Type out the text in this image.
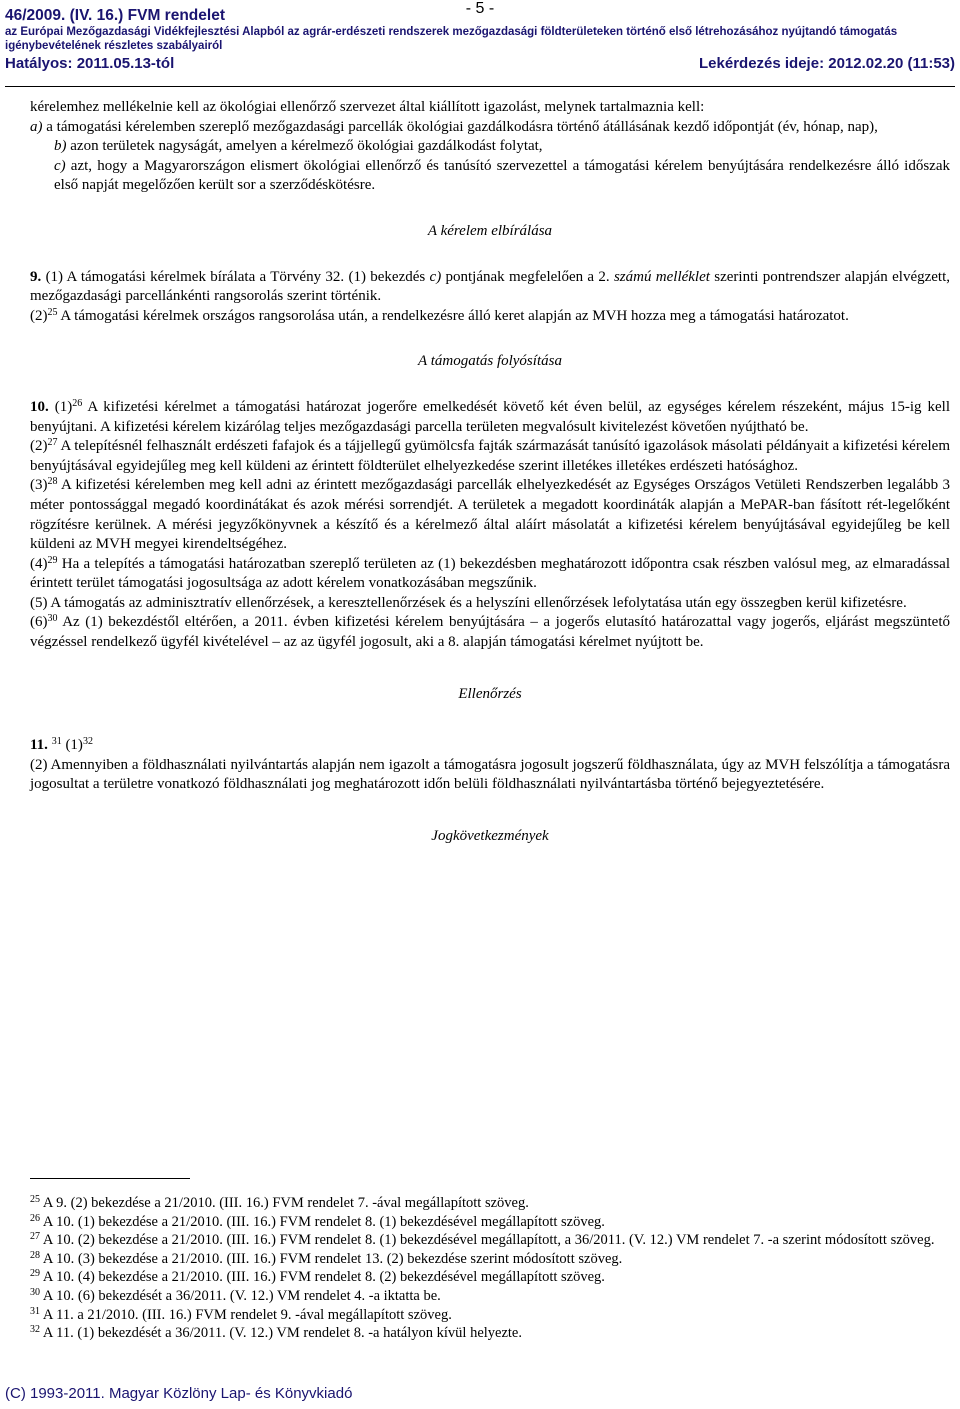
- 5 -
46/2009. (IV. 16.) FVM rendelet
az Európai Mezőgazdasági Vidékfejlesztési Alapból az agrár-erdészeti rendszerek mezőgazdasági földterületeken történő első létrehozásához nyújtandó támogatás
igénybevételének részletes szabályairól
Hatályos: 2011.05.13-tól	Lekérdezés ideje: 2012.02.20 (11:53)

kérelemhez mellékelnie kell az ökológiai ellenőrző szervezet által kiállított igazolást, melynek tartalmaznia kell:

a) a támogatási kérelemben szereplő mezőgazdasági parcellák ökológiai gazdálkodásra történő átállásának kezdő időpontját (év, hónap, nap),

b) azon területek nagyságát, amelyen a kérelmező ökológiai gazdálkodást folytat,

c) azt, hogy a Magyarországon elismert ökológiai ellenőrző és tanúsító szervezettel a támogatási kérelem benyújtására rendelkezésre álló időszak első napját megelőzően került sor a szerződéskötésre.

A kérelem elbírálása

9. (1) A támogatási kérelmek bírálata a Törvény 32. (1) bekezdés c) pontjának megfelelően a 2. számú melléklet szerinti pontrendszer alapján elvégzett, mezőgazdasági parcellánkénti rangsorolás szerint történik.

$(2)^{25}$ A támogatási kérelmek országos rangsorolása után, a rendelkezésre álló keret alapján az MVH hozza meg a támogatási határozatot.

A támogatás folyósítása

10. $(1)^{26}$ A kifizetési kérelmet a támogatási határozat jogerőre emelkedését követő két éven belül, az egységes kérelem részeként, május 15-ig kell benyújtani. A kifizetési kérelem kizárólag teljes mezőgazdasági parcella területen megvalósult kivitelezést követően nyújtható be.

$(2)^{27}$ A telepítésnél felhasznált erdészeti fafajok és a tájjellegű gyümölcsfa fajták származását tanúsító igazolások másolati példányait a kifizetési kérelem benyújtásával egyidejűleg meg kell küldeni az érintett földterület elhelyezkedése szerint illetékes illetékes erdészeti hatósághoz.

$(3)^{28}$ A kifizetési kérelemben meg kell adni az érintett mezőgazdasági parcellák elhelyezkedését az Egységes Országos Vetületi Rendszerben legalább 3 méter pontossággal megadó koordinátákat és azok mérési sorrendjét. A területek a megadott koordináták alapján a MePAR-ban fásított rét-legelőként rögzítésre kerülnek. A mérési jegyzőkönyvnek a készítő és a kérelmező által aláírt másolatát a kifizetési kérelem benyújtásával egyidejűleg be kell küldeni az MVH megyei kirendeltségéhez.

$(4)^{29}$ Ha a telepítés a támogatási határozatban szereplő területen az (1) bekezdésben meghatározott időpontra csak részben valósul meg, az elmaradással érintett terület támogatási jogosultsága az adott kérelem vonatkozásában megszűnik.

(5) A támogatás az adminisztratív ellenőrzések, a keresztellenőrzések és a helyszíni ellenőrzések lefolytatása után egy összegben kerül kifizetésre.

$(6)^{30}$ Az (1) bekezdéstől eltérően, a 2011. évben kifizetési kérelem benyújtására – a jogerős elutasító határozattal vagy jogerős, eljárást megszüntető végzéssel rendelkező ügyfél kivételével – az az ügyfél jogosult, aki a 8. alapján támogatási kérelmet nyújtott be.

Ellenőrzés

11. $^{31}$ $(1)^{32}$

(2) Amennyiben a földhasználati nyilvántartás alapján nem igazolt a támogatásra jogosult jogszerű földhasználata, úgy az MVH felszólítja a támogatásra jogosultat a területre vonatkozó földhasználati jog meghatározott időn belüli földhasználati nyilvántartásba történő bejegyeztetésére.

Jogkövetkezmények

$^{25}$ A 9. (2) bekezdése a 21/2010. (III. 16.) FVM rendelet 7. -ával megállapított szöveg.

$^{26}$ A 10. (1) bekezdése a 21/2010. (III. 16.) FVM rendelet 8. (1) bekezdésével megállapított szöveg.

$^{27}$ A 10. (2) bekezdése a 21/2010. (III. 16.) FVM rendelet 8. (1) bekezdésével megállapított, a 36/2011. (V. 12.) VM rendelet 7. -a szerint módosított szöveg.

$^{28}$ A 10. (3) bekezdése a 21/2010. (III. 16.) FVM rendelet 13. (2) bekezdése szerint módosított szöveg.

$^{29}$ A 10. (4) bekezdése a 21/2010. (III. 16.) FVM rendelet 8. (2) bekezdésével megállapított szöveg.

$^{30}$ A 10. (6) bekezdését a 36/2011. (V. 12.) VM rendelet 4. -a iktatta be.

$^{31}$ A 11. a 21/2010. (III. 16.) FVM rendelet 9. -ával megállapított szöveg.

$^{32}$ A 11. (1) bekezdését a 36/2011. (V. 12.) VM rendelet 8. -a hatályon kívül helyezte.

(C) 1993-2011. Magyar Közlöny Lap- és Könyvkiadó
